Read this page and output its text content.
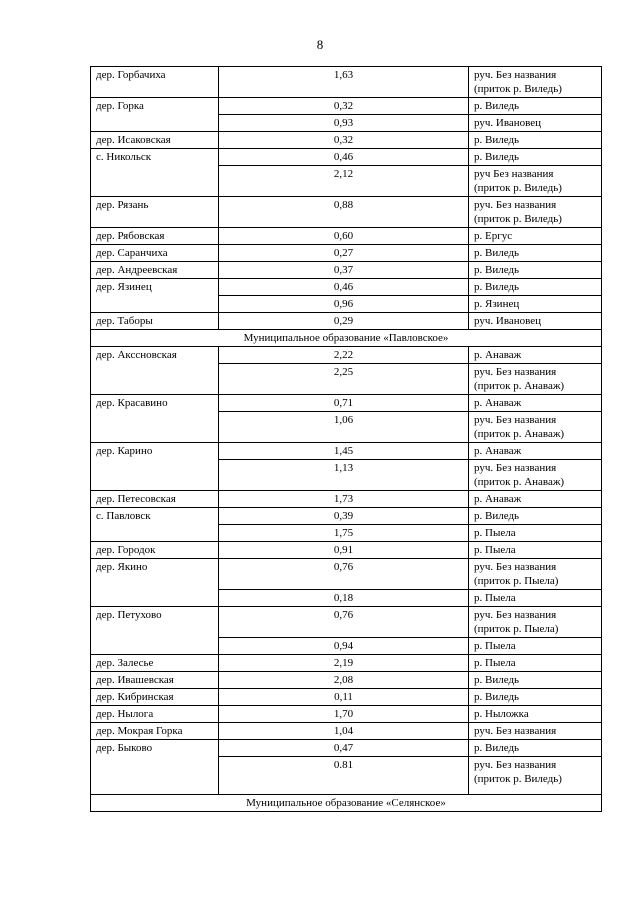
8
дер. Горбачиха	1,63	руч. Без названия
(приток р. Виледь)

дер. Горка	0,32	р. Виледь

	0,93	руч. Ивановец

дер. Исаковская	0,32	р. Виледь

с. Никольск	0,46	р. Виледь

	2,12	руч Без названия
(приток р. Виледь)

дер. Рязань	0,88	руч. Без названия
(приток р. Виледь)

дер. Рябовская	0,60	р. Ергус

дер. Саранчиха	0,27	р. Виледь

дер. Андреевская	0,37	р. Виледь

дер. Язинец	0,46	р. Виледь

	0,96	р. Язинец

дер. Таборы	0,29	руч. Ивановец

Муниципальное образование «Павловское»		
дер. Акссновская	2,22	р. Анаваж

	2,25	руч. Без названия
(приток р. Анаваж)

дер. Красавино	0,71	р. Анаваж

	1,06	руч. Без названия
(приток р. Анаваж)

дер. Карино	1,45	р. Анаваж

	1,13	руч. Без названия
(приток р. Анаваж)

дер. Петесовская	1,73	р. Анаваж

с. Павловск	0,39	р. Виледь

	1,75	р. Пыела

дер. Городок	0,91	р. Пыела

дер. Якино	0,76	руч. Без названия
(приток р. Пыела)

	0,18	р. Пыела

дер. Петухово	0,76	руч. Без названия
(приток р. Пыела)

	0,94	р. Пыела

дер. Залесье	2,19	р. Пыела

дер. Ивашевская	2,08	р. Виледь

дер. Кибринская	0,11	р. Виледь

дер. Нылога	1,70	р. Ныложка

дер. Мокрая Горка	1,04	руч. Без названия

дер. Быково	0,47	р. Виледь

	0.81	руч. Без названия
(приток р. Виледь)

Муниципальное образование «Селянское»		
